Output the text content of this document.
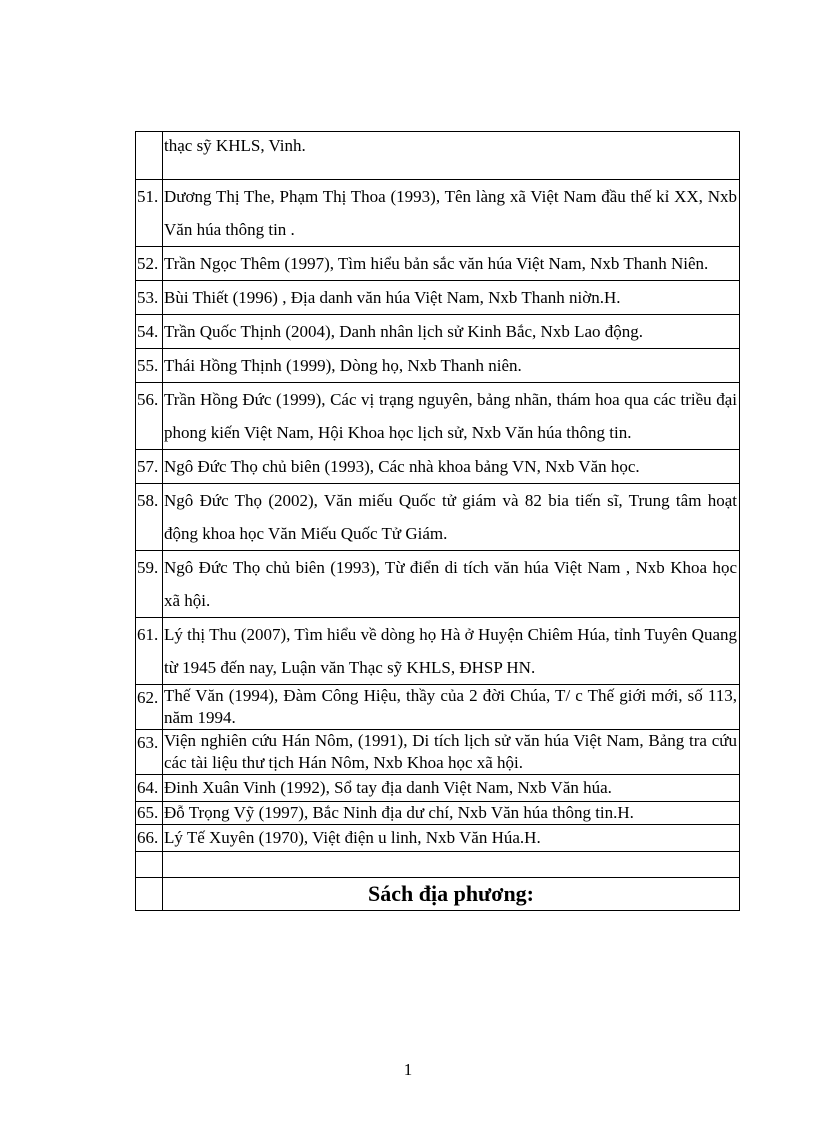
	thạc sỹ KHLS, Vinh.
51.	Dương Thị The, Phạm Thị Thoa (1993), Tên làng xã Việt Nam đầu thế kỉ XX, Nxb Văn húa thông tin .
52.	Trần Ngọc Thêm (1997), Tìm hiểu bản sắc văn húa Việt Nam, Nxb Thanh Niên.
53.	Bùi Thiết (1996) , Địa danh văn húa Việt Nam, Nxb Thanh niờn.H.
54.	Trần Quốc Thịnh (2004), Danh nhân lịch sử Kinh Bắc, Nxb Lao động.
55.	Thái Hồng Thịnh (1999), Dòng họ, Nxb Thanh niên.
56.	Trần Hồng Đức (1999), Các vị trạng nguyên, bảng nhãn, thám hoa qua các triều đại phong kiến Việt Nam, Hội Khoa học lịch sử, Nxb Văn húa thông tin.
57.	Ngô Đức Thọ chủ biên (1993), Các nhà khoa bảng VN, Nxb Văn học.
58.	Ngô Đức Thọ (2002), Văn miếu Quốc tử giám và 82 bia tiến sĩ, Trung tâm hoạt động khoa học Văn Miếu Quốc Tử Giám.
59.	Ngô Đức Thọ chủ biên (1993), Từ điển di tích văn húa Việt Nam , Nxb Khoa học xã hội.
61.	Lý thị Thu (2007), Tìm hiểu về dòng họ Hà ở Huyện Chiêm Húa, tỉnh Tuyên Quang từ 1945 đến nay, Luận văn Thạc sỹ KHLS, ĐHSP HN.
62.	Thế Văn (1994), Đàm Công Hiệu, thầy của 2 đời Chúa, T/ c Thế giới mới, số 113, năm 1994.
63.	Viện nghiên cứu Hán Nôm, (1991), Di tích lịch sử văn húa Việt Nam, Bảng tra cứu các tài liệu thư tịch Hán Nôm, Nxb Khoa học xã hội.
64.	Đinh Xuân Vinh (1992), Sổ tay địa danh Việt Nam, Nxb Văn húa.
65.	Đỗ Trọng Vỹ (1997), Bắc Ninh địa dư chí, Nxb Văn húa thông tin.H.
66.	Lý Tế Xuyên (1970), Việt điện u linh, Nxb Văn Húa.H.

	Sách địa phương:
1
